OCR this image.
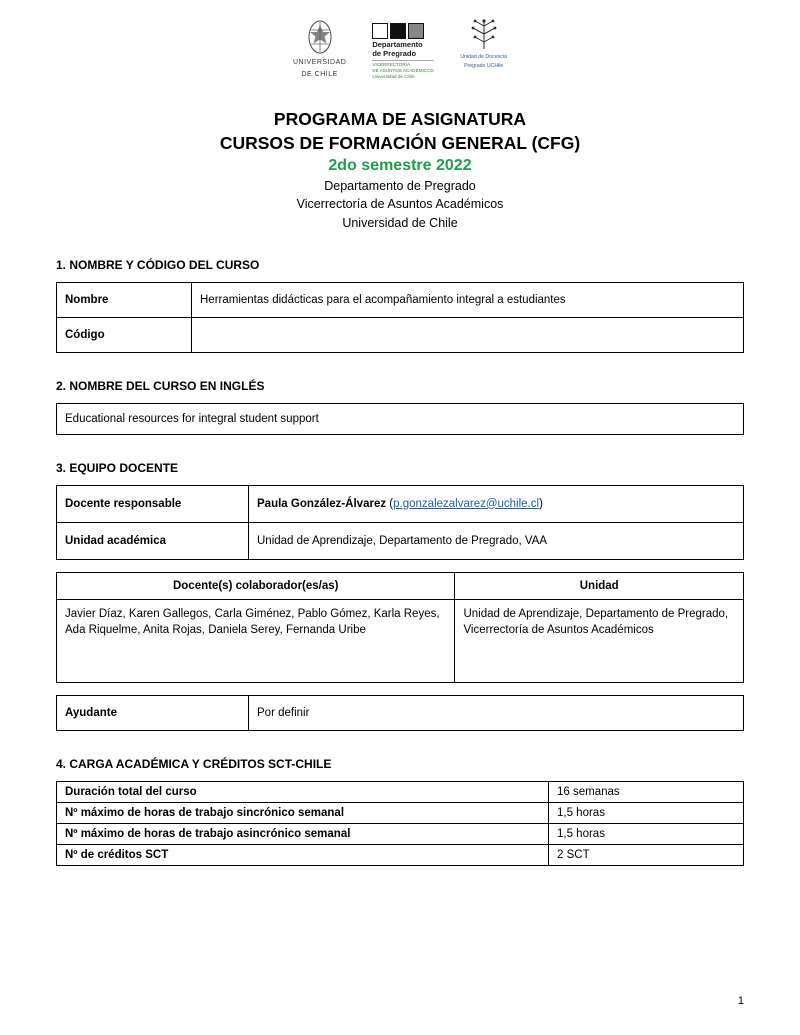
UNIVERSIDAD
DE CHILE
Departamento
de Pregrado
VICERRECTORÍA
DE ASUNTOS ACADÉMICOS
Universidad de Chile
Unidad de Docencia
Pregrado UCHile
PROGRAMA DE ASIGNATURA
CURSOS DE FORMACIÓN GENERAL (CFG)
2do semestre 2022
Departamento de Pregrado
Vicerrectoría de Asuntos Académicos
Universidad de Chile
1. NOMBRE Y CÓDIGO DEL CURSO
Nombre	Herramientas didácticas para el acompañamiento integral a estudiantes
Código	
2. NOMBRE DEL CURSO EN INGLÉS
Educational resources for integral student support
3. EQUIPO DOCENTE
Docente responsable	Paula González-Álvarez (p.gonzalezalvarez@uchile.cl)
Unidad académica	Unidad de Aprendizaje, Departamento de Pregrado, VAA
Docente(s) colaborador(es/as)	Unidad
Javier Díaz, Karen Gallegos, Carla Giménez, Pablo Gómez, Karla Reyes, Ada Riquelme, Anita Rojas, Daniela Serey, Fernanda Uribe	Unidad de Aprendizaje, Departamento de Pregrado, Vicerrectoría de Asuntos Académicos
Ayudante	Por definir
4. CARGA ACADÉMICA Y CRÉDITOS SCT-CHILE
Duración total del curso	16 semanas
Nº máximo de horas de trabajo sincrónico semanal	1,5 horas
Nº máximo de horas de trabajo asincrónico semanal	1,5 horas
Nº de créditos SCT	2 SCT
1
